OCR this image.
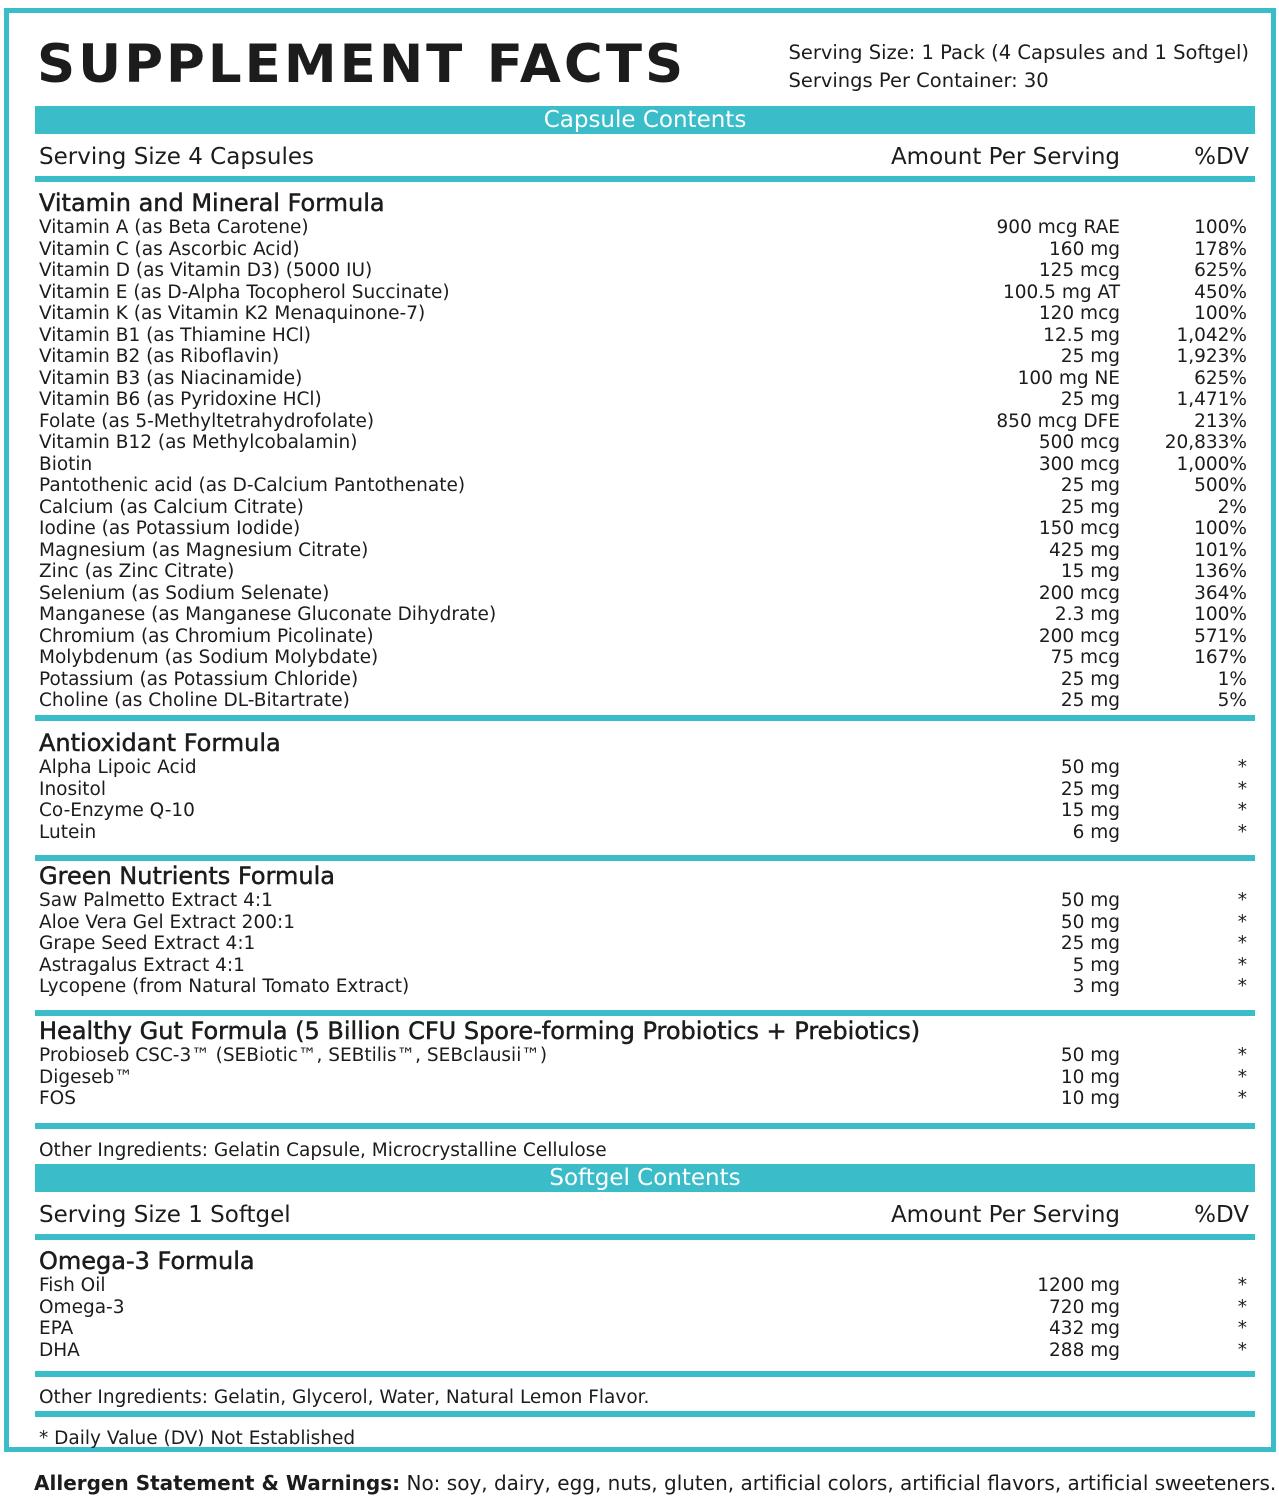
SUPPLEMENT FACTS	Serving Size: 1 Pack (4 Capsules and 1 Softgel)
Servings Per Container: 30
Capsule Contents
Serving Size 4 Capsules	Amount Per Serving	%DV
Vitamin and Mineral Formula
Vitamin A (as Beta Carotene)	900 mcg RAE	100%
Vitamin C (as Ascorbic Acid)	160 mg	178%
Vitamin D (as Vitamin D3) (5000 IU)	125 mcg	625%
Vitamin E (as D-Alpha Tocopherol Succinate)	100.5 mg AT	450%
Vitamin K (as Vitamin K2 Menaquinone-7)	120 mcg	100%
Vitamin B1 (as Thiamine HCl)	12.5 mg	1,042%
Vitamin B2 (as Riboflavin)	25 mg	1,923%
Vitamin B3 (as Niacinamide)	100 mg NE	625%
Vitamin B6 (as Pyridoxine HCl)	25 mg	1,471%
Folate (as 5-Methyltetrahydrofolate)	850 mcg DFE	213%
Vitamin B12 (as Methylcobalamin)	500 mcg 20,833%
Biotin	300 mcg	1,000%
Pantothenic acid (as D-Calcium Pantothenate)	25 mg	500%
Calcium (as Calcium Citrate)	25 mg	2%
Iodine (as Potassium Iodide)	150 mcg	100%
Magnesium (as Magnesium Citrate)	425 mg	101%
Zinc (as Zinc Citrate)	15 mg	136%
Selenium (as Sodium Selenate)	200 mcg	364%
Manganese (as Manganese Gluconate Dihydrate)	2.3 mg	100%
Chromium (as Chromium Picolinate)	200 mcg	571%
Molybdenum (as Sodium Molybdate)	75 mcg	167%
Potassium (as Potassium Chloride)	25 mg	1%
Choline (as Choline DL-Bitartrate)	25 mg	5%
Antioxidant Formula
Alpha Lipoic Acid	50 mg	*
Inositol	25 mg	*
Co-Enzyme Q-10	15 mg	*
Lutein	6 mg	*
Green Nutrients Formula
Saw Palmetto Extract 4:1	50 mg	*
Aloe Vera Gel Extract 200:1	50 mg	*
Grape Seed Extract 4:1	25 mg	*
Astragalus Extract 4:1	5 mg	*
Lycopene (from Natural Tomato Extract)	3 mg	*
Healthy Gut Formula (5 Billion CFU Spore-forming Probiotics + Prebiotics)
Probioseb CSC-3™ (SEBiotic™, SEBtilis™, SEBclausii™)	50 mg	*
Digeseb™	10 mg	*
FOS	10 mg	*
Other Ingredients: Gelatin Capsule, Microcrystalline Cellulose
Softgel Contents
Serving Size 1 Softgel	Amount Per Serving	%DV
Omega-3 Formula
Fish Oil	1200 mg	*
Omega-3	720 mg	*
EPA	432 mg	*
DHA	288 mg	*
Other Ingredients: Gelatin, Glycerol, Water, Natural Lemon Flavor.
* Daily Value (DV) Not Established
Allergen Statement & Warnings: No: soy, dairy, egg, nuts, gluten, artificial colors, artificial flavors, artificial sweeteners.
